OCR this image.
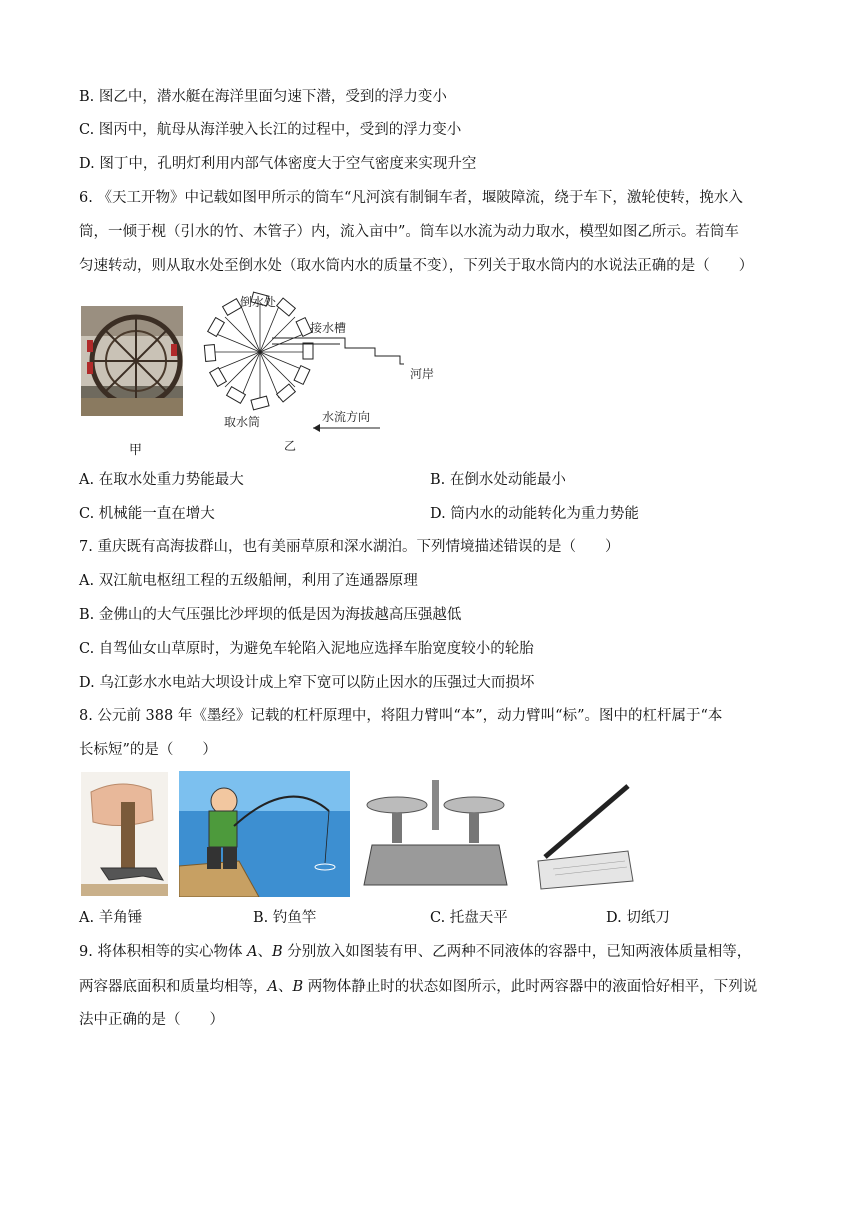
B. 图乙中，潜水艇在海洋里面匀速下潜，受到的浮力变小
C. 图丙中，航母从海洋驶入长江的过程中，受到的浮力变小
D. 图丁中，孔明灯利用内部气体密度大于空气密度来实现升空
6. 《天工开物》中记载如图甲所示的筒车“凡河滨有制铜车者，堰陂障流，绕于车下，激轮使转，挽水入
筒，一倾于枧（引水的竹、木管子）内，流入亩中”。筒车以水流为动力取水，模型如图乙所示。若筒车
匀速转动，则从取水处至倒水处（取水筒内水的质量不变），下列关于取水筒内的水说法正确的是（　　）
甲
倒水处
接水槽
河岸
取水筒	水流方向
乙
A. 在取水处重力势能最大	B. 在倒水处动能最小
C. 机械能一直在增大	D. 筒内水的动能转化为重力势能
7. 重庆既有高海拔群山，也有美丽草原和深水湖泊。下列情境描述错误的是（　　）
A. 双江航电枢纽工程的五级船闸，利用了连通器原理
B. 金佛山的大气压强比沙坪坝的低是因为海拔越高压强越低
C. 自驾仙女山草原时，为避免车轮陷入泥地应选择车胎宽度较小的轮胎
D. 乌江彭水水电站大坝设计成上窄下宽可以防止因水的压强过大而损坏
8. 公元前 388 年《墨经》记载的杠杆原理中，将阻力臂叫“本”，动力臂叫“标”。图中的杠杆属于“本
长标短”的是（　　）
A. 羊角锤	B. 钓鱼竿	C. 托盘天平	D. 切纸刀
9. 将体积相等的实心物体 A、B 分别放入如图装有甲、乙两种不同液体的容器中，已知两液体质量相等，
两容器底面积和质量均相等，A、B 两物体静止时的状态如图所示，此时两容器中的液面恰好相平，下列说
法中正确的是（　　）
